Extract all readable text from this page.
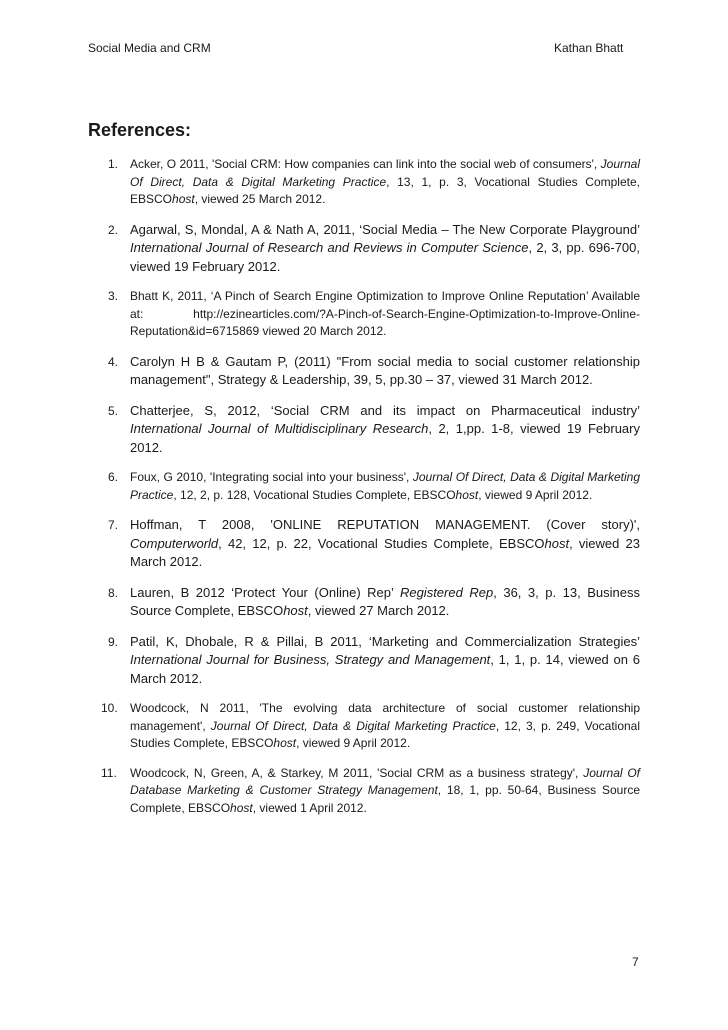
Social Media and CRM	Kathan Bhatt
References:
1. Acker, O 2011, 'Social CRM: How companies can link into the social web of consumers', Journal Of Direct, Data & Digital Marketing Practice, 13, 1, p. 3, Vocational Studies Complete, EBSCOhost, viewed 25 March 2012.
2. Agarwal, S, Mondal, A & Nath A, 2011, ‘Social Media – The New Corporate Playground’ International Journal of Research and Reviews in Computer Science, 2, 3, pp. 696-700, viewed 19 February 2012.
3. Bhatt K, 2011, ‘A Pinch of Search Engine Optimization to Improve Online Reputation’ Available at: http://ezinearticles.com/?A-Pinch-of-Search-Engine-Optimization-to-Improve-Online-Reputation&id=6715869 viewed 20 March 2012.
4. Carolyn H B & Gautam P, (2011) "From social media to social customer relationship management", Strategy & Leadership, 39, 5, pp.30 – 37, viewed 31 March 2012.
5. Chatterjee, S, 2012, ‘Social CRM and its impact on Pharmaceutical industry’ International Journal of Multidisciplinary Research, 2, 1,pp. 1-8, viewed 19 February 2012.
6. Foux, G 2010, 'Integrating social into your business', Journal Of Direct, Data & Digital Marketing Practice, 12, 2, p. 128, Vocational Studies Complete, EBSCOhost, viewed 9 April 2012.
7. Hoffman, T 2008, 'ONLINE REPUTATION MANAGEMENT. (Cover story)', Computerworld, 42, 12, p. 22, Vocational Studies Complete, EBSCOhost, viewed 23 March 2012.
8. Lauren, B 2012 ‘Protect Your (Online) Rep’ Registered Rep, 36, 3, p. 13, Business Source Complete, EBSCOhost, viewed 27 March 2012.
9. Patil, K, Dhobale, R & Pillai, B 2011, ‘Marketing and Commercialization Strategies’ International Journal for Business, Strategy and Management, 1, 1, p. 14, viewed on 6 March 2012.
10. Woodcock, N 2011, 'The evolving data architecture of social customer relationship management', Journal Of Direct, Data & Digital Marketing Practice, 12, 3, p. 249, Vocational Studies Complete, EBSCOhost, viewed 9 April 2012.
11. Woodcock, N, Green, A, & Starkey, M 2011, 'Social CRM as a business strategy', Journal Of Database Marketing & Customer Strategy Management, 18, 1, pp. 50-64, Business Source Complete, EBSCOhost, viewed 1 April 2012.
7
